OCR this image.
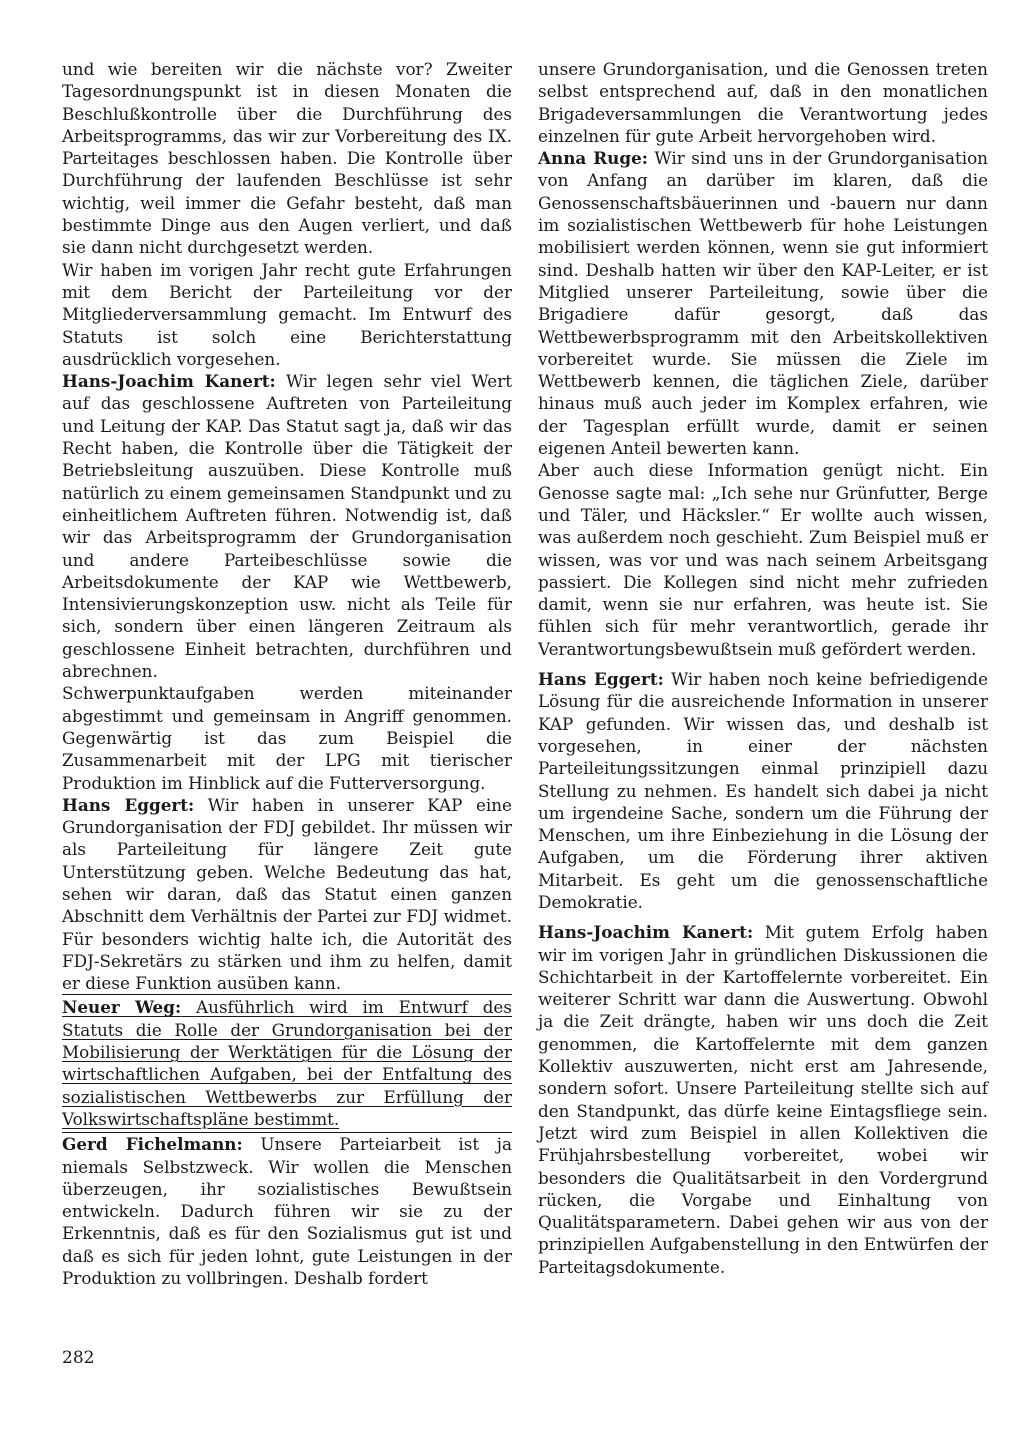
und wie bereiten wir die nächste vor? Zweiter Tagesordnungspunkt ist in diesen Monaten die Beschlußkontrolle über die Durchführung des Arbeitsprogramms, das wir zur Vorbereitung des IX. Parteitages beschlossen haben. Die Kontrolle über Durchführung der laufenden Beschlüsse ist sehr wichtig, weil immer die Gefahr besteht, daß man bestimmte Dinge aus den Augen verliert, und daß sie dann nicht durchgesetzt werden.

Wir haben im vorigen Jahr recht gute Erfahrungen mit dem Bericht der Parteileitung vor der Mitgliederversammlung gemacht. Im Entwurf des Statuts ist solch eine Berichterstattung ausdrücklich vorgesehen.

Hans-Joachim Kanert: Wir legen sehr viel Wert auf das geschlossene Auftreten von Parteileitung und Leitung der KAP. Das Statut sagt ja, daß wir das Recht haben, die Kontrolle über die Tätigkeit der Betriebsleitung auszuüben. Diese Kontrolle muß natürlich zu einem gemeinsamen Standpunkt und zu einheitlichem Auftreten führen. Notwendig ist, daß wir das Arbeitsprogramm der Grundorganisation und andere Parteibeschlüsse sowie die Arbeitsdokumente der KAP wie Wettbewerb, Intensivierungskonzeption usw. nicht als Teile für sich, sondern über einen längeren Zeitraum als geschlossene Einheit betrachten, durchführen und abrechnen.

Schwerpunktaufgaben werden miteinander abgestimmt und gemeinsam in Angriff genommen. Gegenwärtig ist das zum Beispiel die Zusammenarbeit mit der LPG mit tierischer Produktion im Hinblick auf die Futterversorgung.

Hans Eggert: Wir haben in unserer KAP eine Grundorganisation der FDJ gebildet. Ihr müssen wir als Parteileitung für längere Zeit gute Unterstützung geben. Welche Bedeutung das hat, sehen wir daran, daß das Statut einen ganzen Abschnitt dem Verhältnis der Partei zur FDJ widmet. Für besonders wichtig halte ich, die Autorität des FDJ-Sekretärs zu stärken und ihm zu helfen, damit er diese Funktion ausüben kann.

Neuer Weg: Ausführlich wird im Entwurf des Statuts die Rolle der Grundorganisation bei der Mobilisierung der Werktätigen für die Lösung der wirtschaftlichen Aufgaben, bei der Entfaltung des sozialistischen Wettbewerbs zur Erfüllung der Volkswirtschaftspläne bestimmt.

Gerd Fichelmann: Unsere Parteiarbeit ist ja niemals Selbstzweck. Wir wollen die Menschen überzeugen, ihr sozialistisches Bewußtsein entwickeln. Dadurch führen wir sie zu der Erkenntnis, daß es für den Sozialismus gut ist und daß es sich für jeden lohnt, gute Leistungen in der Produktion zu vollbringen. Deshalb fordert

unsere Grundorganisation, und die Genossen treten selbst entsprechend auf, daß in den monatlichen Brigadeversammlungen die Verantwortung jedes einzelnen für gute Arbeit hervorgehoben wird.

Anna Ruge: Wir sind uns in der Grundorganisation von Anfang an darüber im klaren, daß die Genossenschaftsbäuerinnen und -bauern nur dann im sozialistischen Wettbewerb für hohe Leistungen mobilisiert werden können, wenn sie gut informiert sind. Deshalb hatten wir über den KAP-Leiter, er ist Mitglied unserer Parteileitung, sowie über die Brigadiere dafür gesorgt, daß das Wettbewerbsprogramm mit den Arbeitskollektiven vorbereitet wurde. Sie müssen die Ziele im Wettbewerb kennen, die täglichen Ziele, darüber hinaus muß auch jeder im Komplex erfahren, wie der Tagesplan erfüllt wurde, damit er seinen eigenen Anteil bewerten kann.

Aber auch diese Information genügt nicht. Ein Genosse sagte mal: „Ich sehe nur Grünfutter, Berge und Täler, und Häcksler.“ Er wollte auch wissen, was außerdem noch geschieht. Zum Beispiel muß er wissen, was vor und was nach seinem Arbeitsgang passiert. Die Kollegen sind nicht mehr zufrieden damit, wenn sie nur erfahren, was heute ist. Sie fühlen sich für mehr verantwortlich, gerade ihr Verantwortungsbewußtsein muß gefördert werden.

Hans Eggert: Wir haben noch keine befriedigende Lösung für die ausreichende Information in unserer KAP gefunden. Wir wissen das, und deshalb ist vorgesehen, in einer der nächsten Parteileitungssitzungen einmal prinzipiell dazu Stellung zu nehmen. Es handelt sich dabei ja nicht um irgendeine Sache, sondern um die Führung der Menschen, um ihre Einbeziehung in die Lösung der Aufgaben, um die Förderung ihrer aktiven Mitarbeit. Es geht um die genossenschaftliche Demokratie.

Hans-Joachim Kanert: Mit gutem Erfolg haben wir im vorigen Jahr in gründlichen Diskussionen die Schichtarbeit in der Kartoffelernte vorbereitet. Ein weiterer Schritt war dann die Auswertung. Obwohl ja die Zeit drängte, haben wir uns doch die Zeit genommen, die Kartoffelernte mit dem ganzen Kollektiv auszuwerten, nicht erst am Jahresende, sondern sofort. Unsere Parteileitung stellte sich auf den Standpunkt, das dürfe keine Eintagsfliege sein. Jetzt wird zum Beispiel in allen Kollektiven die Frühjahrsbestellung vorbereitet, wobei wir besonders die Qualitätsarbeit in den Vordergrund rücken, die Vorgabe und Einhaltung von Qualitätsparametern. Dabei gehen wir aus von der prinzipiellen Aufgabenstellung in den Entwürfen der Parteitagsdokumente.

282
